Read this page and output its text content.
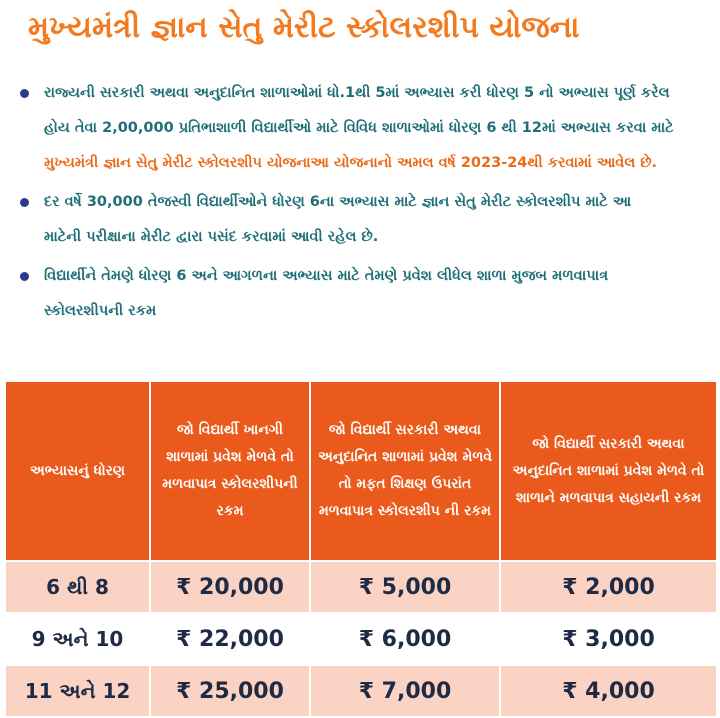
મુખ્યમંત્રી જ્ઞાન સેતુ મેરીટ સ્કોલરશીપ યોજના
રાજ્યની સરકારી અથવા અનુદાનિત શાળાઓમાં ધો.1થી 5માં અભ્યાસ કરી ધોરણ 5 નો અભ્યાસ પૂર્ણ કરેલ
હોય તેવા 2,00,000 પ્રતિભાશાળી વિદ્યાર્થીઓ માટે વિવિધ શાળાઓમાં ધોરણ 6 થી 12માં અભ્યાસ કરવા માટે
મુખ્યમંત્રી જ્ઞાન સેતુ મેરીટ સ્કોલરશીપ યોજનાઆ યોજનાનો અમલ વર્ષ 2023-24થી કરવામાં આવેલ છે.
દર વર્ષે 30,000 તેજસ્વી વિદ્યાર્થીઓને ધોરણ 6ના અભ્યાસ માટે જ્ઞાન સેતુ મેરીટ સ્કોલરશીપ માટે આ
માટેની પરીક્ષાના મેરીટ દ્વારા પસંદ કરવામાં આવી રહેલ છે.
વિદ્યાર્થીને તેમણે ધોરણ 6 અને આગળના અભ્યાસ માટે તેમણે પ્રવેશ લીધેલ શાળા મુજબ મળવાપાત્ર
સ્કોલરશીપની રકમ
અભ્યાસનું ધોરણ	જો વિદ્યાર્થી ખાનગી શાળામાં પ્રવેશ મેળવે તો મળવાપાત્ર સ્કોલરશીપની રકમ	જો વિદ્યાર્થી સરકારી અથવા અનુદાનિત શાળામાં પ્રવેશ મેળવે તો મફત શિક્ષણ ઉપરાંત મળવાપાત્ર સ્કોલરશીપ ની રકમ	જો વિદ્યાર્થી સરકારી અથવા અનુદાનિત શાળામાં પ્રવેશ મેળવે તો શાળાને મળવાપાત્ર સહાયની રકમ
6 થી 8	₹ 20,000	₹ 5,000	₹ 2,000
9 અને 10	₹ 22,000	₹ 6,000	₹ 3,000
11 અને 12	₹ 25,000	₹ 7,000	₹ 4,000
